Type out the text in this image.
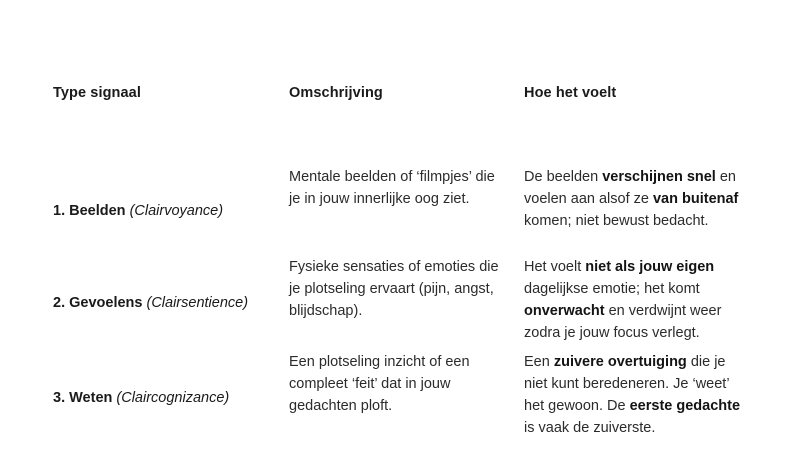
Type signaal	Omschrijving	Hoe het voelt
1. Beelden (Clairvoyance)
Mentale beelden of ‘filmpjes’ die je in jouw innerlijke oog ziet.
De beelden verschijnen snel en voelen aan alsof ze van buitenaf komen; niet bewust bedacht.
2. Gevoelens (Clairsentience)
Fysieke sensaties of emoties die je plotseling ervaart (pijn, angst, blijdschap).
Het voelt niet als jouw eigen dagelijkse emotie; het komt onverwacht en verdwijnt weer zodra je jouw focus verlegt.
3. Weten (Claircognizance)
Een plotseling inzicht of een compleet ‘feit’ dat in jouw gedachten ploft.
Een zuivere overtuiging die je niet kunt beredeneren. Je ‘weet’ het gewoon. De eerste gedachte is vaak de zuiverste.
